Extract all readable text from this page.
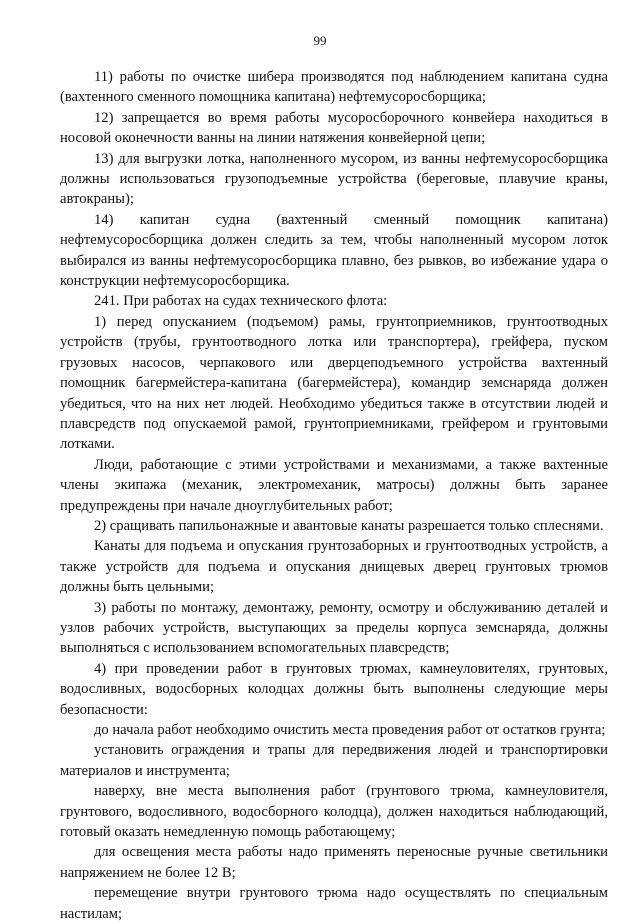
99

11) работы по очистке шибера производятся под наблюдением капитана судна (вахтенного сменного помощника капитана) нефтемусоросборщика;

12) запрещается во время работы мусоросборочного конвейера находиться в носовой оконечности ванны на линии натяжения конвейерной цепи;

13) для выгрузки лотка, наполненного мусором, из ванны нефтемусоросборщика должны использоваться грузоподъемные устройства (береговые, плавучие краны, автокраны);

14) капитан судна (вахтенный сменный помощник капитана) нефтемусоросборщика должен следить за тем, чтобы наполненный мусором лоток выбирался из ванны нефтемусоросборщика плавно, без рывков, во избежание удара о конструкции нефтемусоросборщика.

241. При работах на судах технического флота:

1) перед опусканием (подъемом) рамы, грунтоприемников, грунтоотводных устройств (трубы, грунтоотводного лотка или транспортера), грейфера, пуском грузовых насосов, черпакового или дверцеподъемного устройства вахтенный помощник багермейстера-капитана (багермейстера), командир земснаряда должен убедиться, что на них нет людей. Необходимо убедиться также в отсутствии людей и плавсредств под опускаемой рамой, грунтоприемниками, грейфером и грунтовыми лотками.

Люди, работающие с этими устройствами и механизмами, а также вахтенные члены экипажа (механик, электромеханик, матросы) должны быть заранее предупреждены при начале дноуглубительных работ;

2) сращивать папильонажные и авантовые канаты разрешается только сплеснями.

Канаты для подъема и опускания грунтозаборных и грунтоотводных устройств, а также устройств для подъема и опускания днищевых дверец грунтовых трюмов должны быть цельными;

3) работы по монтажу, демонтажу, ремонту, осмотру и обслуживанию деталей и узлов рабочих устройств, выступающих за пределы корпуса земснаряда, должны выполняться с использованием вспомогательных плавсредств;

4) при проведении работ в грунтовых трюмах, камнеуловителях, грунтовых, водосливных, водосборных колодцах должны быть выполнены следующие меры безопасности:

до начала работ необходимо очистить места проведения работ от остатков грунта;

установить ограждения и трапы для передвижения людей и транспортировки материалов и инструмента;

наверху, вне места выполнения работ (грунтового трюма, камнеуловителя, грунтового, водосливного, водосборного колодца), должен находиться наблюдающий, готовый оказать немедленную помощь работающему;

для освещения места работы надо применять переносные ручные светильники напряжением не более 12 В;

перемещение внутри грунтового трюма надо осуществлять по специальным настилам;
